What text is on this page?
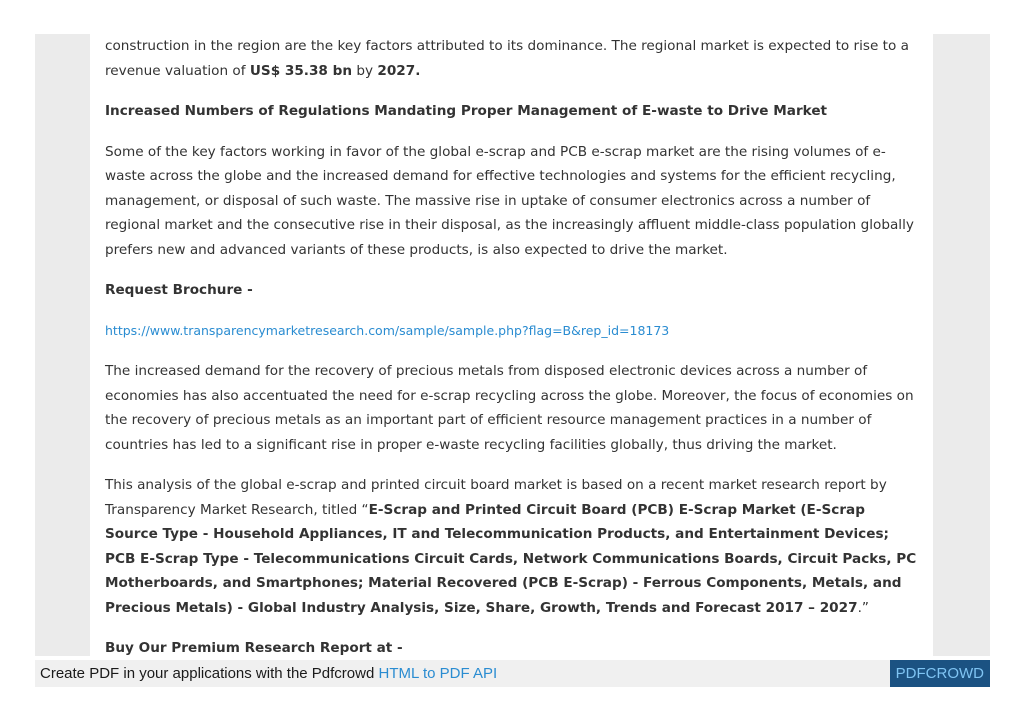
construction in the region are the key factors attributed to its dominance. The regional market is expected to rise to a revenue valuation of US$ 35.38 bn by 2027.

Increased Numbers of Regulations Mandating Proper Management of E-waste to Drive Market

Some of the key factors working in favor of the global e-scrap and PCB e-scrap market are the rising volumes of e-waste across the globe and the increased demand for effective technologies and systems for the efficient recycling, management, or disposal of such waste. The massive rise in uptake of consumer electronics across a number of regional market and the consecutive rise in their disposal, as the increasingly affluent middle-class population globally prefers new and advanced variants of these products, is also expected to drive the market.

Request Brochure -

https://www.transparencymarketresearch.com/sample/sample.php?flag=B&rep_id=18173

The increased demand for the recovery of precious metals from disposed electronic devices across a number of economies has also accentuated the need for e-scrap recycling across the globe. Moreover, the focus of economies on the recovery of precious metals as an important part of efficient resource management practices in a number of countries has led to a significant rise in proper e-waste recycling facilities globally, thus driving the market.

This analysis of the global e-scrap and printed circuit board market is based on a recent market research report by Transparency Market Research, titled “E-Scrap and Printed Circuit Board (PCB) E-Scrap Market (E-Scrap Source Type - Household Appliances, IT and Telecommunication Products, and Entertainment Devices; PCB E-Scrap Type - Telecommunications Circuit Cards, Network Communications Boards, Circuit Packs, PC Motherboards, and Smartphones; Material Recovered (PCB E-Scrap) - Ferrous Components, Metals, and Precious Metals) - Global Industry Analysis, Size, Share, Growth, Trends and Forecast 2017 – 2027.”

Buy Our Premium Research Report at -

Create PDF in your applications with the Pdfcrowd HTML to PDF API	PDFCROWD
